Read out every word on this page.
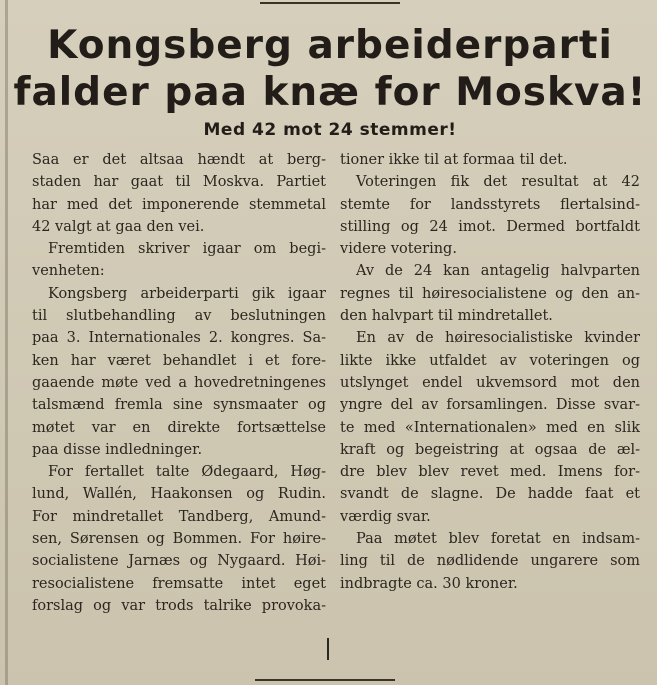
Kongsberg arbeiderparti
falder paa knæ for Moskva!
Med 42 mot 24 stemmer!
Saa er det altsaa hændt at berg-
staden har gaat til Moskva. Partiet
har med det imponerende stemmetal
42 valgt at gaa den vei.
Fremtiden skriver igaar om begi-
venheten:
Kongsberg arbeiderparti gik igaar
til slutbehandling av beslutningen
paa 3. Internationales 2. kongres. Sa-
ken har været behandlet i et fore-
gaaende møte ved a hovedretningenes
talsmænd fremla sine synsmaater og
møtet var en direkte fortsættelse
paa disse indledninger.
For fertallet talte Ødegaard, Høg-
lund, Wallén, Haakonsen og Rudin.
For mindretallet Tandberg, Amund-
sen, Sørensen og Bommen. For høire-
socialistene Jarnæs og Nygaard. Høi-
resocialistene fremsatte intet eget
forslag og var trods talrike provoka-
tioner ikke til at formaa til det.
Voteringen fik det resultat at 42
stemte for landsstyrets flertalsind-
stilling og 24 imot. Dermed bortfaldt
videre votering.
Av de 24 kan antagelig halvparten
regnes til høiresocialistene og den an-
den halvpart til mindretallet.
En av de høiresocialistiske kvinder
likte ikke utfaldet av voteringen og
utslynget endel ukvemsord mot den
yngre del av forsamlingen. Disse svar-
te med «Internationalen» med en slik
kraft og begeistring at ogsaa de æl-
dre blev blev revet med. Imens for-
svandt de slagne. De hadde faat et
værdig svar.
Paa møtet blev foretat en indsam-
ling til de nødlidende ungarere som
indbragte ca. 30 kroner.
